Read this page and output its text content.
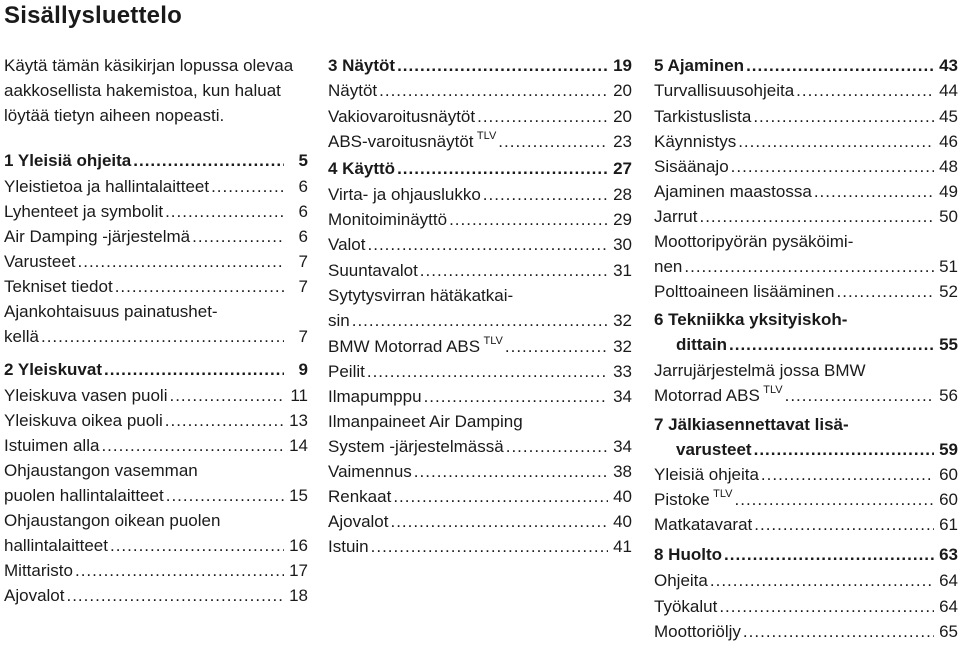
Sisällysluettelo
Käytä tämän käsikirjan lopussa olevaa aakkosellista hakemistoa, kun haluat löytää tietyn aiheen nopeasti.
1 Yleisiä ohjeita .....	5
Yleistietoa ja hallintalaitteet .....	6
Lyhenteet ja symbolit .....	6
Air Damping -järjestelmä .....	6
Varusteet .....	7
Tekniset tiedot .....	7
Ajankohtaisuus painatushet-
kellä .....	7
2 Yleiskuvat .....	9
Yleiskuva vasen puoli .....	11
Yleiskuva oikea puoli .....	13
Istuimen alla .....	14
Ohjaustangon vasemman
puolen hallintalaitteet .....	15
Ohjaustangon oikean puolen
hallintalaitteet .....	16
Mittaristo .....	17
Ajovalot .....	18
3 Näytöt .....	19
Näytöt .....	20
Vakiovaroitusnäytöt .....	20
ABS-varoitusnäytöt  $^{TLV}$ .....	23
4 Käyttö .....	27
Virta- ja ohjauslukko .....	28
Monitoiminäyttö .....	29
Valot .....	30
Suuntavalot .....	31
Sytytysvirran hätäkatkai-
sin .....	32
BMW Motorrad ABS  $^{TLV}$ .....	32
Peilit .....	33
Ilmapumppu .....	34
Ilmanpaineet Air Damping
System -järjestelmässä .....	34
Vaimennus .....	38
Renkaat .....	40
Ajovalot .....	40
Istuin .....	41
5 Ajaminen .....	43
Turvallisuusohjeita .....	44
Tarkistuslista .....	45
Käynnistys .....	46
Sisäänajo .....	48
Ajaminen maastossa .....	49
Jarrut .....	50
Moottoripyörän pysäköimi-
nen .....	51
Polttoaineen lisääminen .....	52
6 Tekniikka yksityiskoh-
dittain .....	55
Jarrujärjestelmä jossa BMW
Motorrad ABS  $^{TLV}$ .....	56
7 Jälkiasennettavat lisä-
varusteet .....	59
Yleisiä ohjeita .....	60
Pistoke  $^{TLV}$ .....	60
Matkatavarat .....	61
8 Huolto .....	63
Ohjeita .....	64
Työkalut .....	64
Moottoriöljy .....	65
